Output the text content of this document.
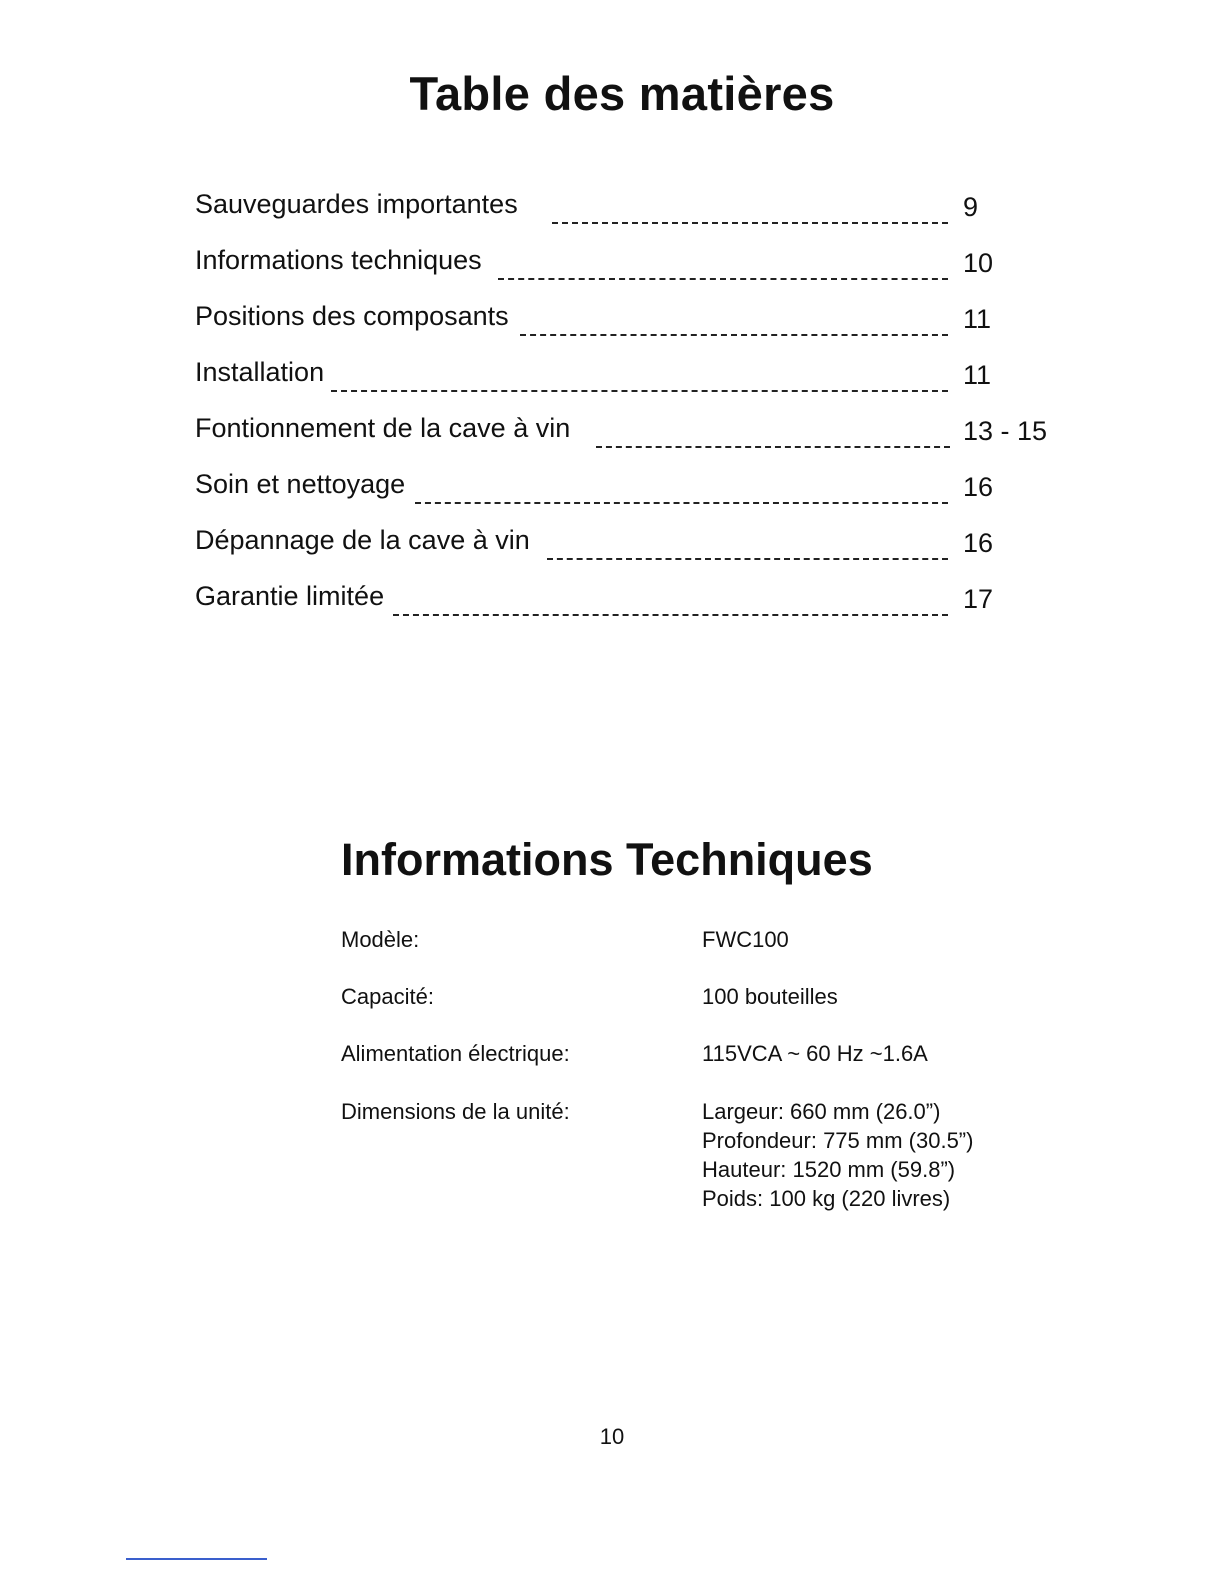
Table des matières
Sauveguardes importantes	9
Informations techniques	10
Positions des composants	11
Installation	11
Fontionnement de la cave à vin	13 - 15
Soin et nettoyage	16
Dépannage de la cave à vin	16
Garantie limitée	17
Informations Techniques
Modèle:	FWC100
Capacité:	100 bouteilles
Alimentation électrique:	115VCA ~ 60 Hz ~1.6A
Dimensions de la unité:	Largeur: 660 mm (26.0”)
Profondeur: 775 mm (30.5”)
Hauteur: 1520 mm (59.8”)
Poids: 100 kg (220 livres)
10
